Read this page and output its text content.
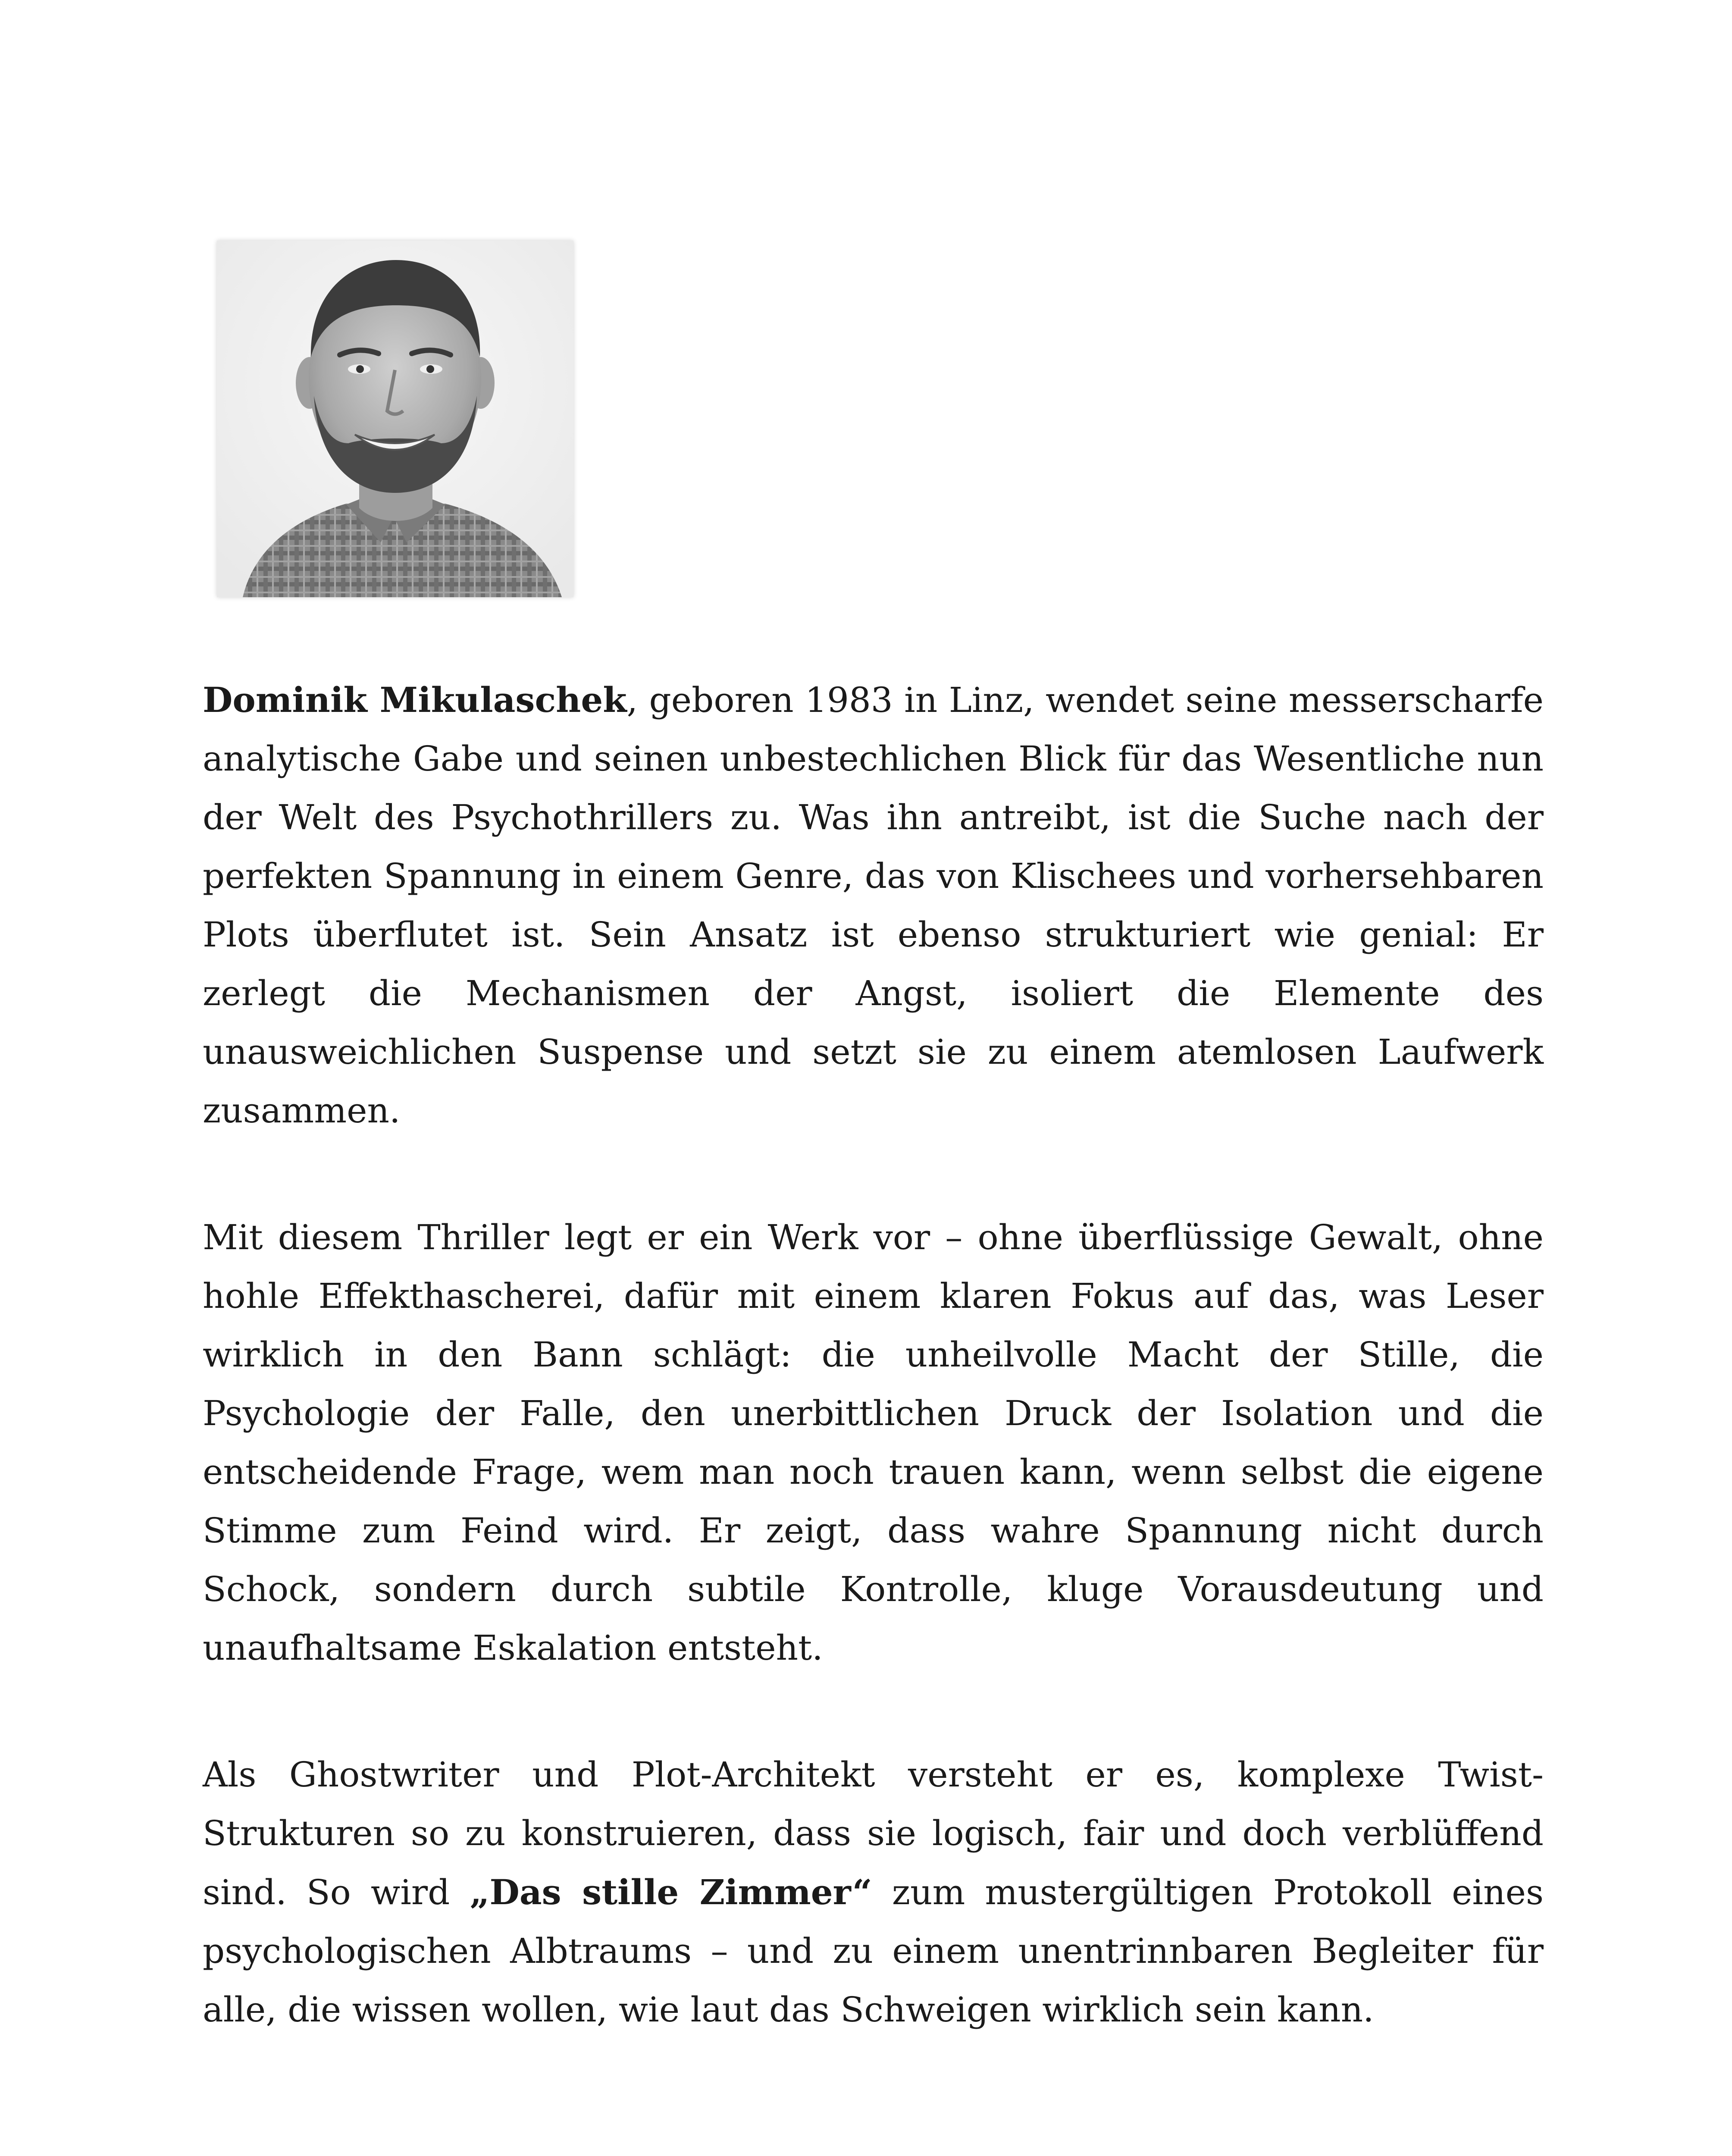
Dominik Mikulaschek, geboren 1983 in Linz, wendet seine messerscharfe analytische Gabe und seinen unbestechlichen Blick für das Wesentliche nun der Welt des Psychothrillers zu. Was ihn antreibt, ist die Suche nach der perfekten Spannung in einem Genre, das von Klischees und vorhersehbaren Plots überflutet ist. Sein Ansatz ist ebenso strukturiert wie genial: Er zerlegt die Mechanismen der Angst, isoliert die Elemente des unausweichlichen Suspense und setzt sie zu einem atemlosen Laufwerk zusammen.

Mit diesem Thriller legt er ein Werk vor – ohne überflüssige Gewalt, ohne hohle Effekthascherei, dafür mit einem klaren Fokus auf das, was Leser wirklich in den Bann schlägt: die unheilvolle Macht der Stille, die Psychologie der Falle, den unerbittlichen Druck der Isolation und die entscheidende Frage, wem man noch trauen kann, wenn selbst die eigene Stimme zum Feind wird. Er zeigt, dass wahre Spannung nicht durch Schock, sondern durch subtile Kontrolle, kluge Vorausdeutung und unaufhaltsame Eskalation entsteht.

Als Ghostwriter und Plot-Architekt versteht er es, komplexe Twist-Strukturen so zu konstruieren, dass sie logisch, fair und doch verblüffend sind. So wird „Das stille Zimmer“ zum mustergültigen Protokoll eines psychologischen Albtraums – und zu einem unentrinnbaren Begleiter für alle, die wissen wollen, wie laut das Schweigen wirklich sein kann.
